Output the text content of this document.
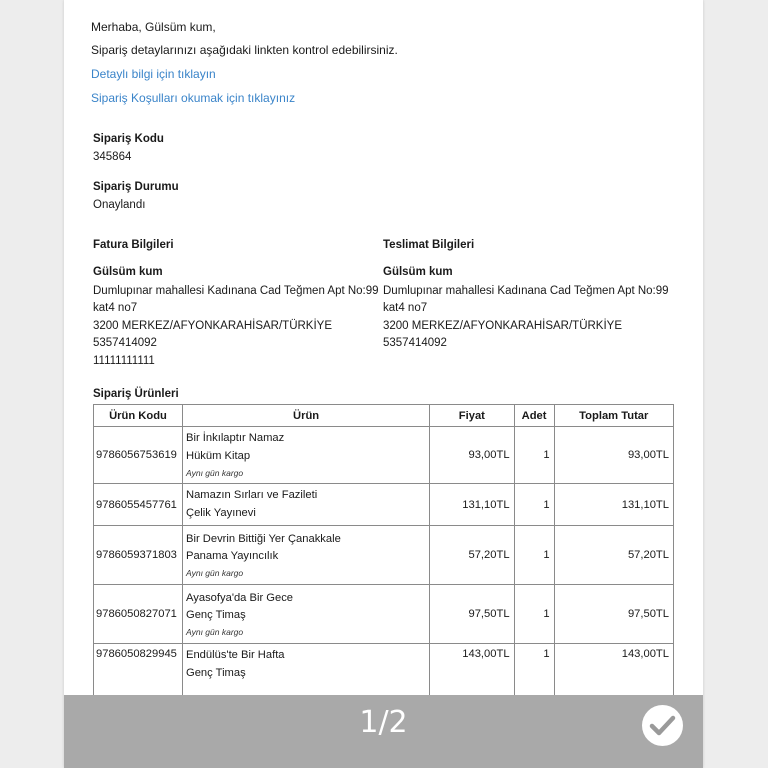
Merhaba, Gülsüm kum,
Sipariş detaylarınızı aşağıdaki linkten kontrol edebilirsiniz.
Detaylı bilgi için tıklayın
Sipariş Koşulları okumak için tıklayınız
Sipariş Kodu
345864
Sipariş Durumu
Onaylandı
Fatura Bilgileri	Teslimat Bilgileri
Gülsüm kum
Dumlupınar mahallesi Kadınana Cad Teğmen Apt No:99
kat4 no7
3200 MERKEZ/AFYONKARAHİSAR/TÜRKİYE
5357414092
11111111111
Gülsüm kum
Dumlupınar mahallesi Kadınana Cad Teğmen Apt No:99
kat4 no7
3200 MERKEZ/AFYONKARAHİSAR/TÜRKİYE
5357414092
Sipariş Ürünleri
Ürün Kodu	Ürün	Fiyat	Adet	Toplam Tutar
9786056753619	Bir İnkılaptır Namaz
Hüküm Kitap
Aynı gün kargo	93,00TL	1	93,00TL
9786055457761	Namazın Sırları ve Fazileti
Çelik Yayınevi	131,10TL	1	131,10TL
9786059371803	Bir Devrin Bittiği Yer Çanakkale
Panama Yayıncılık
Aynı gün kargo	57,20TL	1	57,20TL
9786050827071	Ayasofya'da Bir Gece
Genç Timaş
Aynı gün kargo	97,50TL	1	97,50TL
9786050829945	Endülüs'te Bir Hafta
Genç Timaş	143,00TL	1	143,00TL
1/2
